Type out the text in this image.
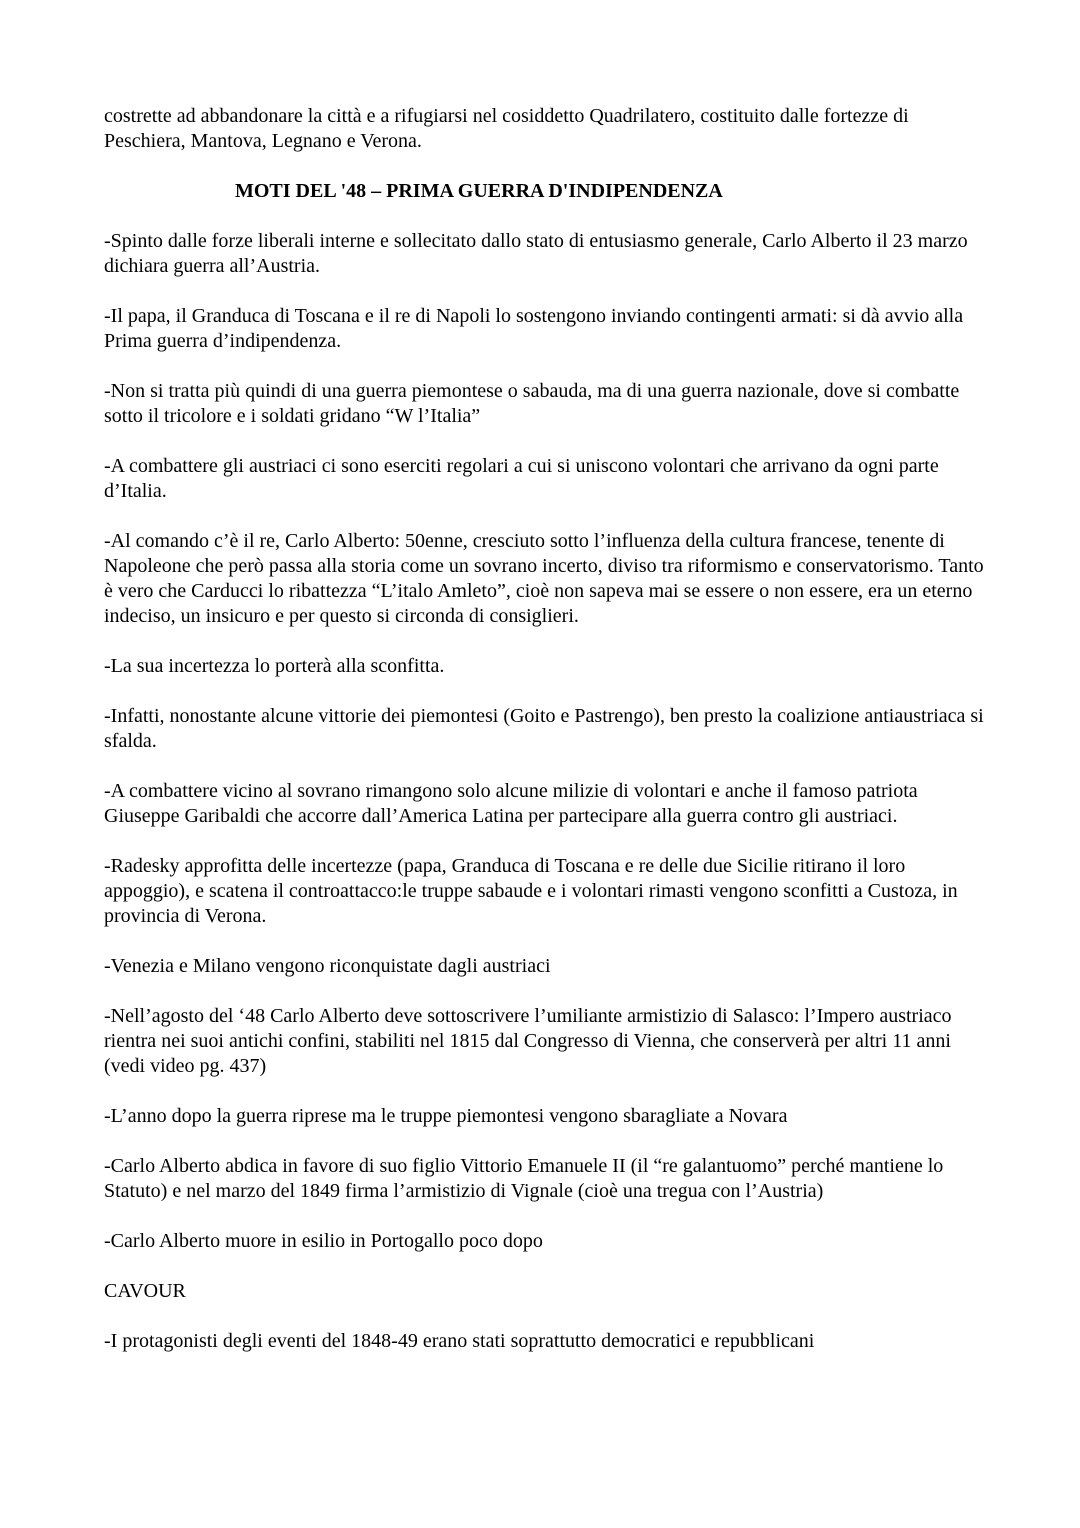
costrette ad abbandonare la città e a rifugiarsi nel cosiddetto Quadrilatero, costituito dalle fortezze di Peschiera, Mantova, Legnano e Verona.

MOTI DEL '48 – PRIMA GUERRA D'INDIPENDENZA

-Spinto dalle forze liberali interne e sollecitato dallo stato di entusiasmo generale, Carlo Alberto il 23 marzo dichiara guerra all’Austria.

-Il papa, il Granduca di Toscana e il re di Napoli lo sostengono inviando contingenti armati: si dà avvio alla Prima guerra d’indipendenza.

-Non si tratta più quindi di una guerra piemontese o sabauda, ma di una guerra nazionale, dove si combatte sotto il tricolore e i soldati gridano “W l’Italia”

-A combattere gli austriaci ci sono eserciti regolari a cui si uniscono volontari che arrivano da ogni parte d’Italia.

-Al comando c’è il re, Carlo Alberto: 50enne, cresciuto sotto l’influenza della cultura francese, tenente di Napoleone che però passa alla storia come un sovrano incerto, diviso tra riformismo e conservatorismo. Tanto è vero che Carducci lo ribattezza “L’italo Amleto”, cioè non sapeva mai se essere o non essere, era un eterno indeciso, un insicuro e per questo si circonda di consiglieri.

-La sua incertezza lo porterà alla sconfitta.

-Infatti, nonostante alcune vittorie dei piemontesi (Goito e Pastrengo), ben presto la coalizione antiaustriaca si sfalda.

-A combattere vicino al sovrano rimangono solo alcune milizie di volontari e anche il famoso patriota Giuseppe Garibaldi che accorre dall’America Latina per partecipare alla guerra contro gli austriaci.

-Radesky approfitta delle incertezze (papa, Granduca di Toscana e re delle due Sicilie ritirano il loro appoggio), e scatena il controattacco:le truppe sabaude e i volontari rimasti vengono sconfitti a Custoza, in provincia di Verona.

-Venezia e Milano vengono riconquistate dagli austriaci

-Nell’agosto del ‘48 Carlo Alberto deve sottoscrivere l’umiliante armistizio di Salasco: l’Impero austriaco rientra nei suoi antichi confini, stabiliti nel 1815 dal Congresso di Vienna, che conserverà per altri 11 anni (vedi video pg. 437)

-L’anno dopo la guerra riprese ma le truppe piemontesi vengono sbaragliate a Novara

-Carlo Alberto abdica in favore di suo figlio Vittorio Emanuele II (il “re galantuomo” perché mantiene lo Statuto) e nel marzo del 1849 firma l’armistizio di Vignale (cioè una tregua con l’Austria)

-Carlo Alberto muore in esilio in Portogallo poco dopo

CAVOUR

-I protagonisti degli eventi del 1848-49 erano stati soprattutto democratici e repubblicani
